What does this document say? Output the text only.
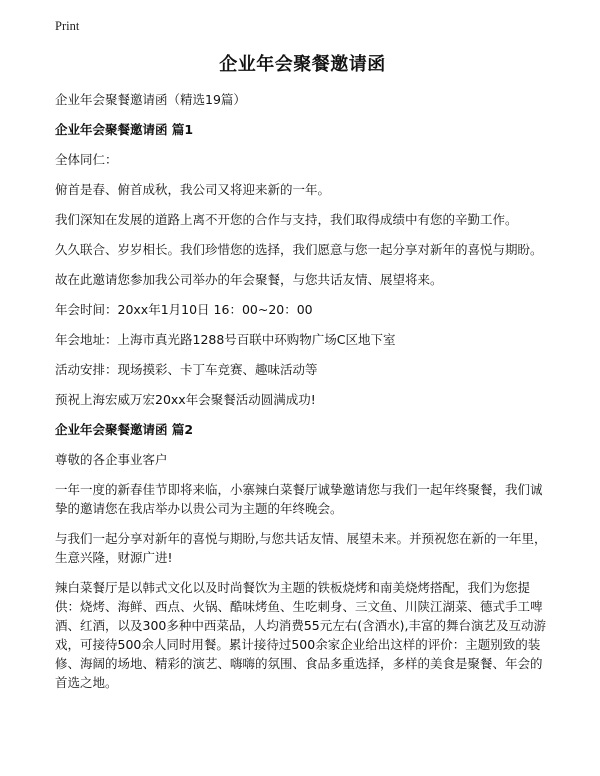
Print
企业年会聚餐邀请函
企业年会聚餐邀请函（精选19篇）
企业年会聚餐邀请函 篇1

全体同仁：

俯首是春、俯首成秋，我公司又将迎来新的一年。

我们深知在发展的道路上离不开您的合作与支持，我们取得成绩中有您的辛勤工作。

久久联合、岁岁相长。我们珍惜您的选择，我们愿意与您一起分享对新年的喜悦与期盼。

故在此邀请您参加我公司举办的年会聚餐，与您共话友情、展望将来。

年会时间：20xx年1月10日 16：00~20：00

年会地址：上海市真光路1288号百联中环购物广场C区地下室

活动安排：现场摸彩、卡丁车竞赛、趣味活动等

预祝上海宏威万宏20xx年会聚餐活动圆满成功!

企业年会聚餐邀请函 篇2

尊敬的各企事业客户

一年一度的新春佳节即将来临，小寨辣白菜餐厅诚挚邀请您与我们一起年终聚餐，我们诚挚的邀请您在我店举办以贵公司为主题的年终晚会。

与我们一起分享对新年的喜悦与期盼,与您共话友情、展望未来。并预祝您在新的一年里，生意兴隆，财源广进!

辣白菜餐厅是以韩式文化以及时尚餐饮为主题的铁板烧烤和南美烧烤搭配，我们为您提供：烧烤、海鲜、西点、火锅、酷味烤鱼、生吃刺身、三文鱼、川陕江湖菜、德式手工啤酒、红酒，以及300多种中西菜品，人均消费55元左右(含酒水),丰富的舞台演艺及互动游戏，可接待500余人同时用餐。累计接待过500余家企业给出这样的评价：主题别致的装修、海阔的场地、精彩的演艺、嗨嗨的氛围、食品多重选择，多样的美食是聚餐、年会的首选之地。
